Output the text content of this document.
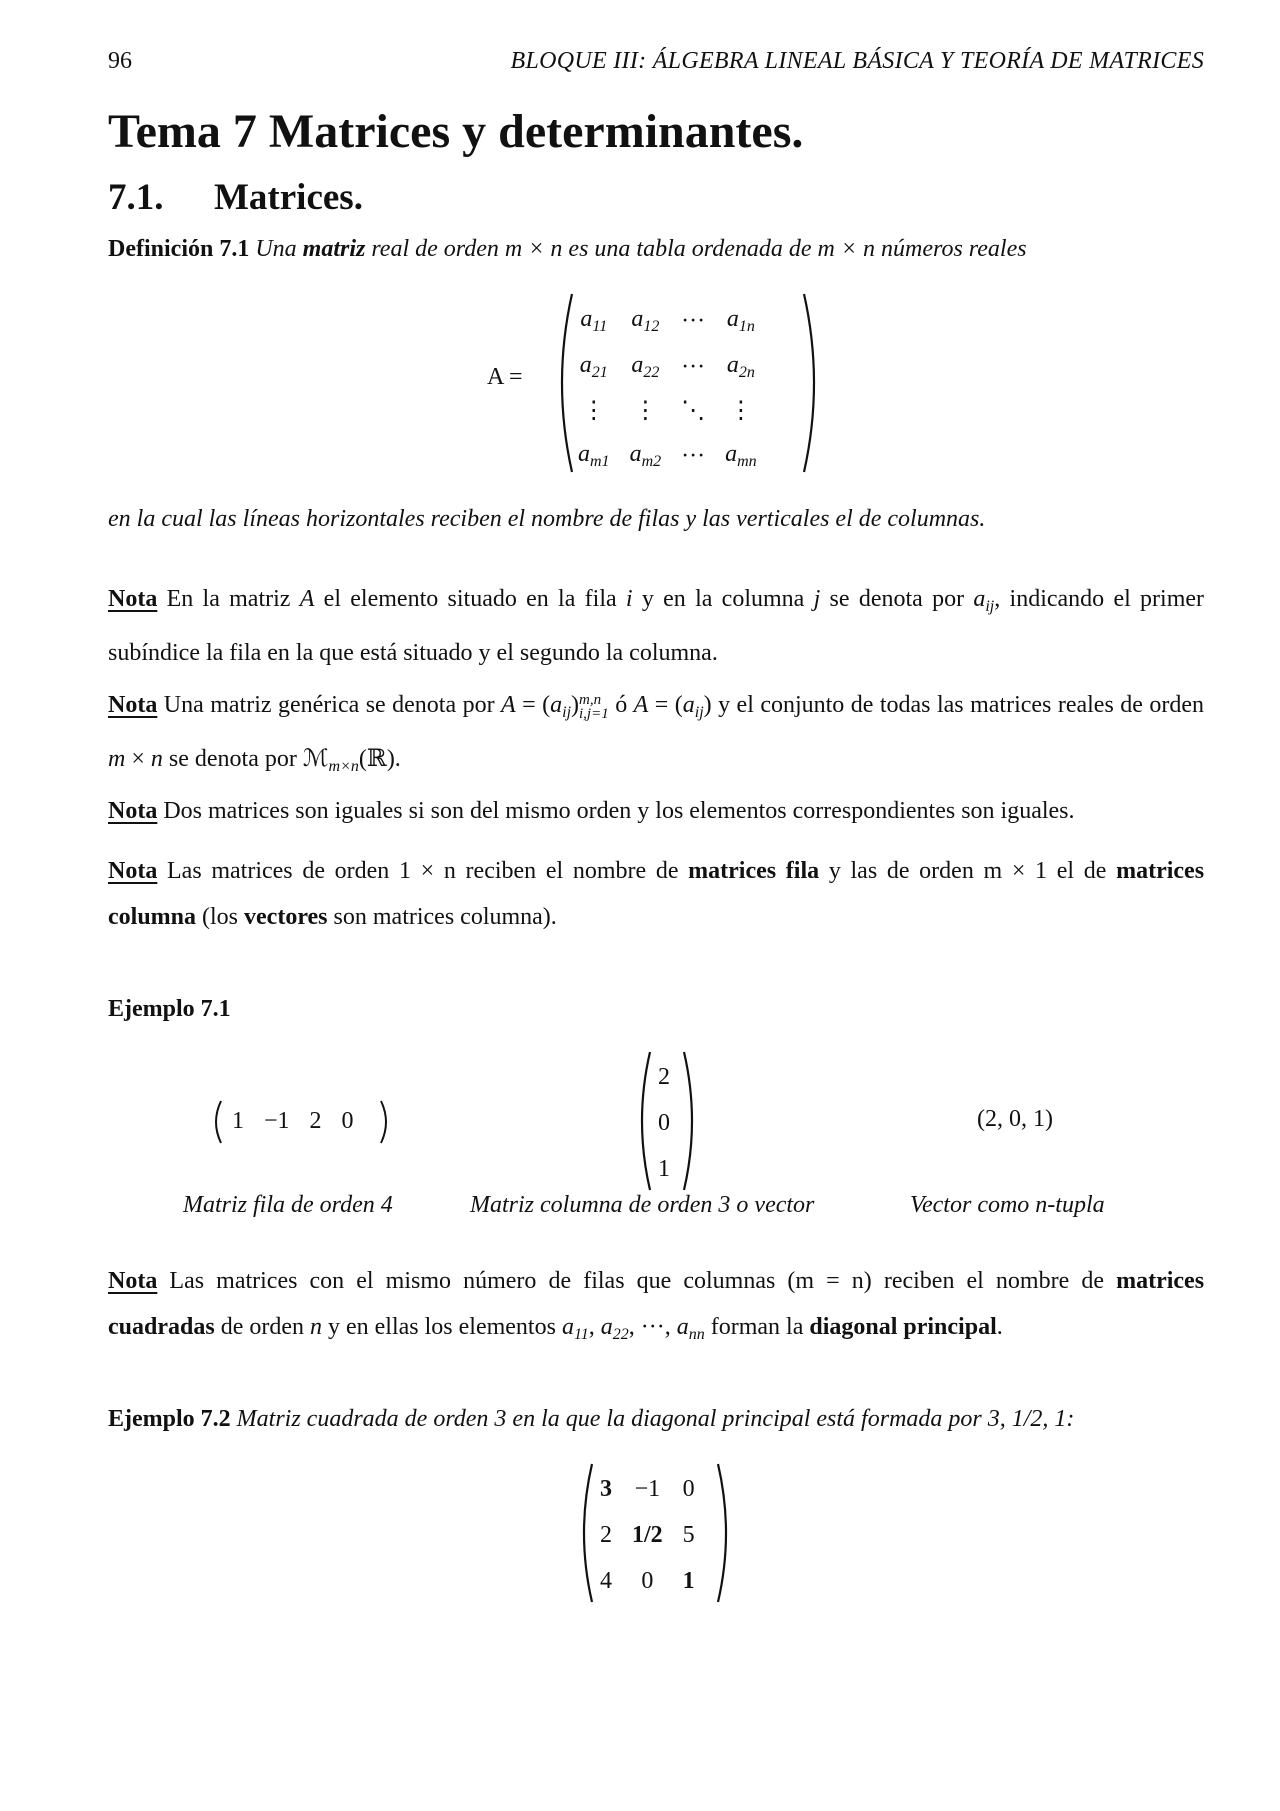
96	BLOQUE III: ÁLGEBRA LINEAL BÁSICA Y TEORÍA DE MATRICES
Tema 7 Matrices y determinantes.
7.1. Matrices.
Definición 7.1 Una matriz real de orden m × n es una tabla ordenada de m × n números reales
A =
$a_{11}$	$a_{12}$	···	$a_{1n}$
$a_{21}$	$a_{22}$	···	$a_{2n}$
⋮	⋮	⋱	⋮
$a_{m1}$	$a_{m2}$	···	$a_{mn}$
en la cual las líneas horizontales reciben el nombre de filas y las verticales el de columnas.
Nota En la matriz A el elemento situado en la fila i y en la columna j se denota por $a_{ij}$, indicando el primer subíndice la fila en la que está situado y el segundo la columna.
Nota Una matriz genérica se denota por $A = (a_{ij})m,n$
i,j=1 ó $A = (a_{ij})$ y el conjunto de todas las matrices reales de orden m × n se denota por ℳ$_{m\times n}$(ℝ).
Nota Dos matrices son iguales si son del mismo orden y los elementos correspondientes son iguales.
Nota Las matrices de orden 1 × n reciben el nombre de matrices fila y las de orden m × 1 el de matrices columna (los vectores son matrices columna).
Ejemplo 7.1
1	−1	2	0
2
0
1
(2, 0, 1)
Matriz fila de orden 4	Matriz columna de orden 3 o vector	Vector como n-tupla
Nota Las matrices con el mismo número de filas que columnas (m = n) reciben el nombre de matrices cuadradas de orden n y en ellas los elementos $a_{11}$, $a_{22}$, ···, $a_{nn}$ forman la diagonal principal.
Ejemplo 7.2 Matriz cuadrada de orden 3 en la que la diagonal principal está formada por 3, 1/2, 1:
3	−1	0
2	1/2	5
4	0	1
